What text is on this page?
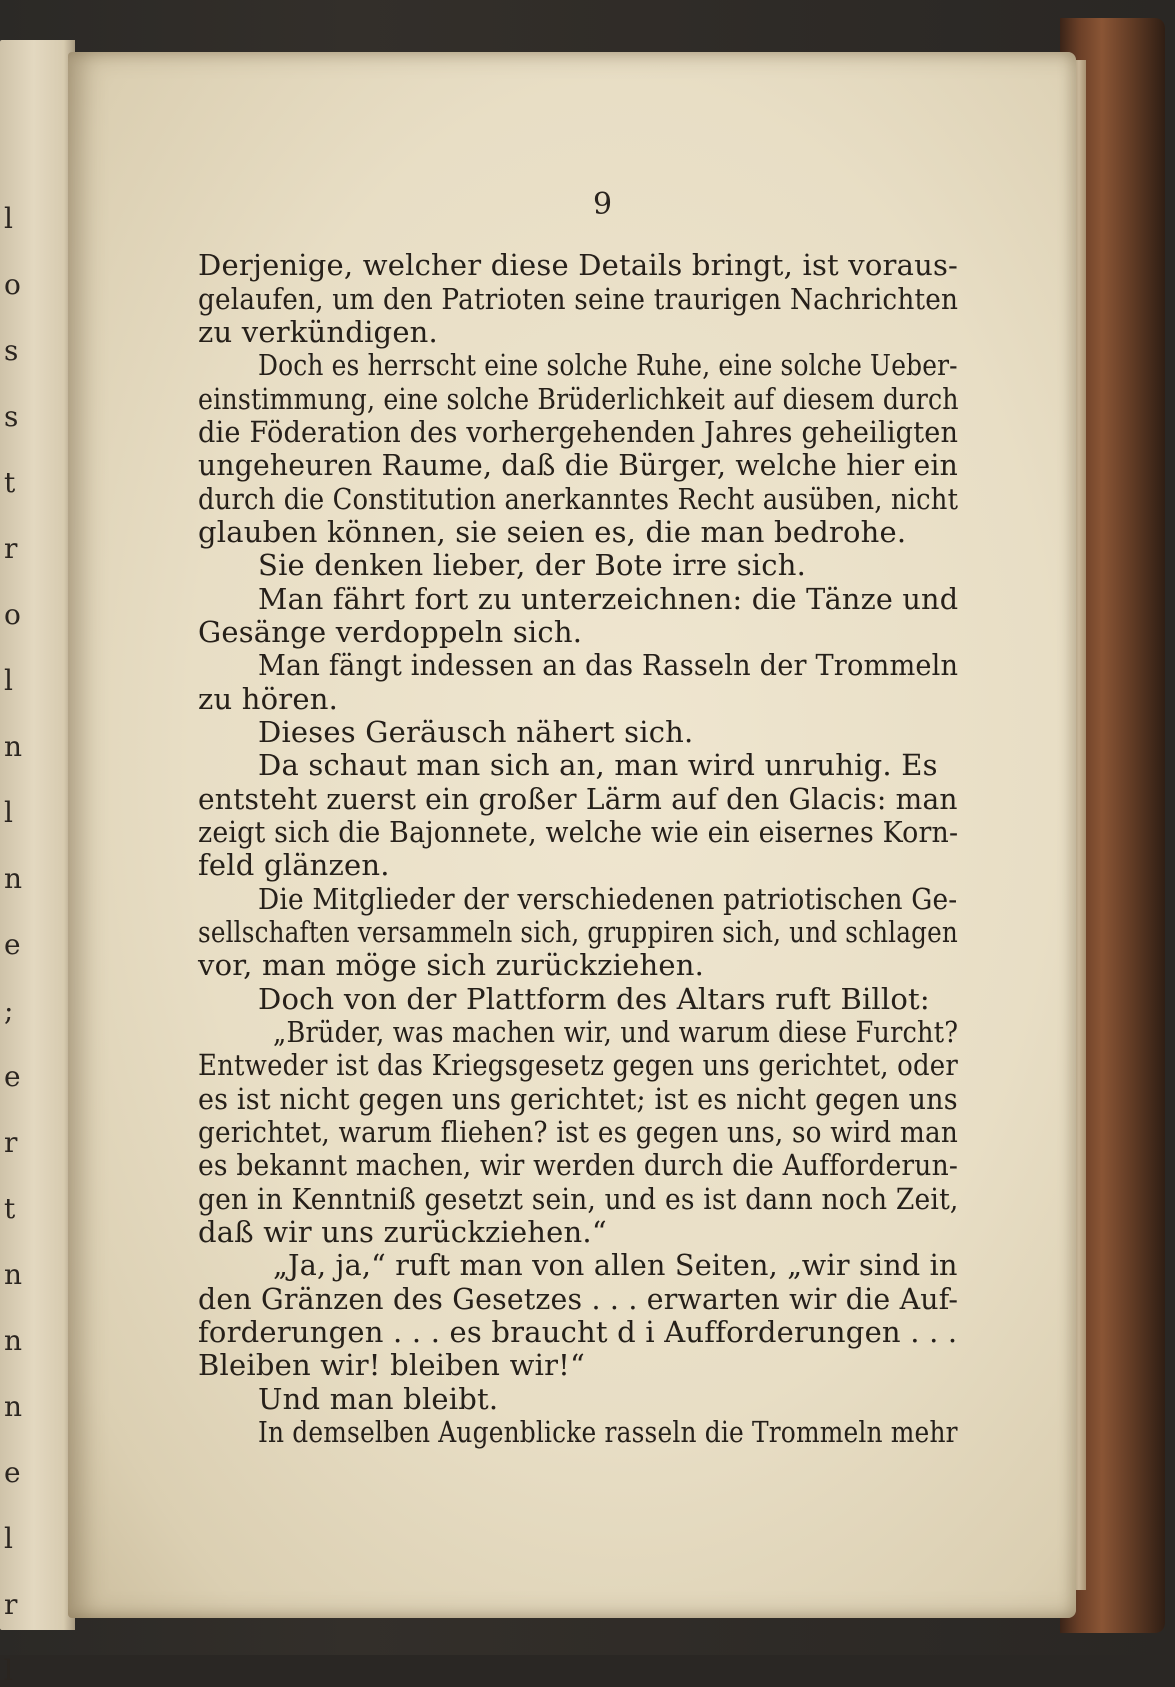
l
o
s
s
t
r
o
l
n
l
n
e
;
e
r
t
n
n
n
e
l
r
l
9
Derjenige, welcher diese Details bringt, ist voraus-
gelaufen, um den Patrioten seine traurigen Nachrichten
zu verkündigen.
Doch es herrscht eine solche Ruhe, eine solche Ueber-
einstimmung, eine solche Brüderlichkeit auf diesem durch
die Föderation des vorhergehenden Jahres geheiligten
ungeheuren Raume, daß die Bürger, welche hier ein
durch die Constitution anerkanntes Recht ausüben, nicht
glauben können, sie seien es, die man bedrohe.
Sie denken lieber, der Bote irre sich.
Man fährt fort zu unterzeichnen: die Tänze und
Gesänge verdoppeln sich.
Man fängt indessen an das Rasseln der Trommeln
zu hören.
Dieses Geräusch nähert sich.
Da schaut man sich an, man wird unruhig. Es
entsteht zuerst ein großer Lärm auf den Glacis: man
zeigt sich die Bajonnete, welche wie ein eisernes Korn-
feld glänzen.
Die Mitglieder der verschiedenen patriotischen Ge-
sellschaften versammeln sich, gruppiren sich, und schlagen
vor, man möge sich zurückziehen.
Doch von der Plattform des Altars ruft Billot:
„Brüder, was machen wir, und warum diese Furcht?
Entweder ist das Kriegsgesetz gegen uns gerichtet, oder
es ist nicht gegen uns gerichtet; ist es nicht gegen uns
gerichtet, warum fliehen? ist es gegen uns, so wird man
es bekannt machen, wir werden durch die Aufforderun-
gen in Kenntniß gesetzt sein, und es ist dann noch Zeit,
daß wir uns zurückziehen.“
„Ja, ja,“ ruft man von allen Seiten, „wir sind in
den Gränzen des Gesetzes . . . erwarten wir die Auf-
forderungen . . . es braucht d i Aufforderungen . . .
Bleiben wir! bleiben wir!“
Und man bleibt.
In demselben Augenblicke rasseln die Trommeln mehr
